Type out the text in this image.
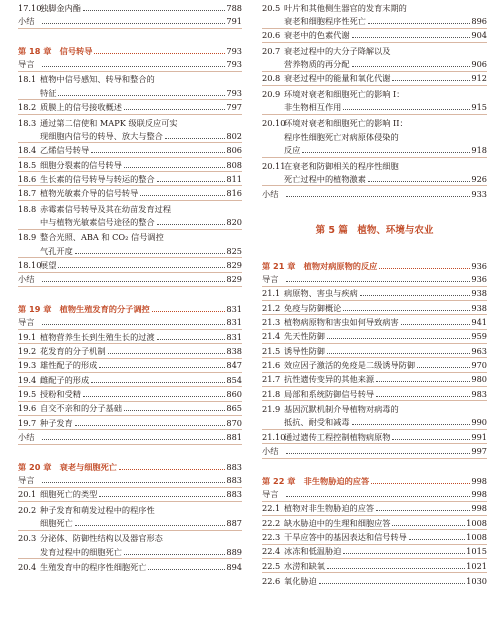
17.10
独脚金内酯	788
小结	791
第 18 章　信号转导	793
导言	793
18.1 植物中信号感知、转导和整合的
特征	793
18.2 质膜上的信号接收概述	797
18.3 通过第二信使和 MAPK 级联反应可实
现细胞内信号的转导、放大与整合	802
18.4 乙烯信号转导	806
18.5 细胞分裂素的信号转导	808
18.6 生长素的信号转导与转运的整合	811
18.7 植物光敏素介导的信号转导	816
18.8 赤霉素信号转导及其在幼苗发育过程
中与植物光敏素信号途径的整合	820
18.9 整合光照、ABA 和 CO₂ 信号调控
气孔开度	825
18.10
展望	829
小结	829
第 19 章　植物生殖发育的分子调控	831
导言	831
19.1 植物营养生长到生殖生长的过渡	831
19.2 花发育的分子机制	838
19.3 雄性配子的形成	847
19.4 雌配子的形成	854
19.5 授粉和受精	860
19.6 自交不亲和的分子基础	865
19.7 种子发育	870
小结	881
第 20 章　衰老与细胞死亡	883
导言	883
20.1 细胞死亡的类型	883
20.2 种子发育和萌发过程中的程序性
细胞死亡	887
20.3 分泌体、防御性结构以及器官形态
发育过程中的细胞死亡	889
20.4 生殖发育中的程序性细胞死亡	894
20.5 叶片和其他侧生器官的发育末期的
衰老和细胞程序性死亡	896
20.6 衰老中的色素代谢	904
20.7 衰老过程中的大分子降解以及
营养物质的再分配	906
20.8 衰老过程中的能量和氧化代谢	912
20.9 环境对衰老和细胞死亡的影响 I：
非生物相互作用	915
20.10
环境对衰老和细胞死亡的影响 II：
程序性细胞死亡对病原体侵染的
反应	918
20.11
在衰老和防御相关的程序性细胞
死亡过程中的植物激素	926
小结	933
第 5 篇　植物、环境与农业
第 21 章　植物对病原物的反应	936
导言	936
21.1 病原物、害虫与疾病	938
21.2 免疫与防御概论	938
21.3 植物病原物和害虫如何导致病害	941
21.4 先天性防御	959
21.5 诱导性防御	963
21.6 效应因子激活的免疫是二级诱导防御	970
21.7 抗性遗传变异的其他来源	980
21.8 局部和系统防御信号转导	983
21.9 基因沉默机制介导植物对病毒的
抵抗、耐受和减毒	990
21.10
通过遗传工程控制植物病原物	991
小结	997
第 22 章　非生物胁迫的应答	998
导言	998
22.1 植物对非生物胁迫的应答	998
22.2 缺水胁迫中的生理和细胞应答	1008
22.3 干旱应答中的基因表达和信号转导	1008
22.4 冰冻和低温胁迫	1015
22.5 水涝和缺氧	1021
22.6 氧化胁迫	1030
